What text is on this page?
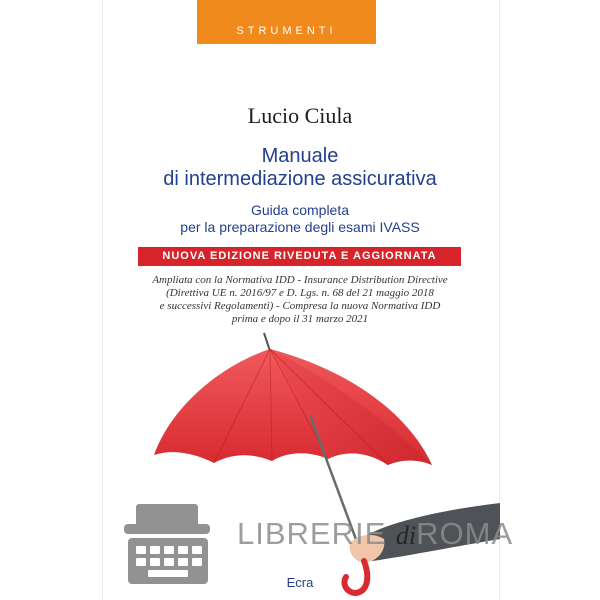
STRUMENTI
Lucio Ciula
Manuale
di intermediazione assicurativa
Guida completa
per la preparazione degli esami IVASS
NUOVA EDIZIONE RIVEDUTA E AGGIORNATA
Ampliata con la Normativa IDD - Insurance Distribution Directive
(Direttiva UE n. 2016/97 e D. Lgs. n. 68 del 21 maggio 2018
e successivi Regolamenti) - Compresa la nuova Normativa IDD
prima e dopo il 31 marzo 2021
LIBRERIE diROMA
Ecra
